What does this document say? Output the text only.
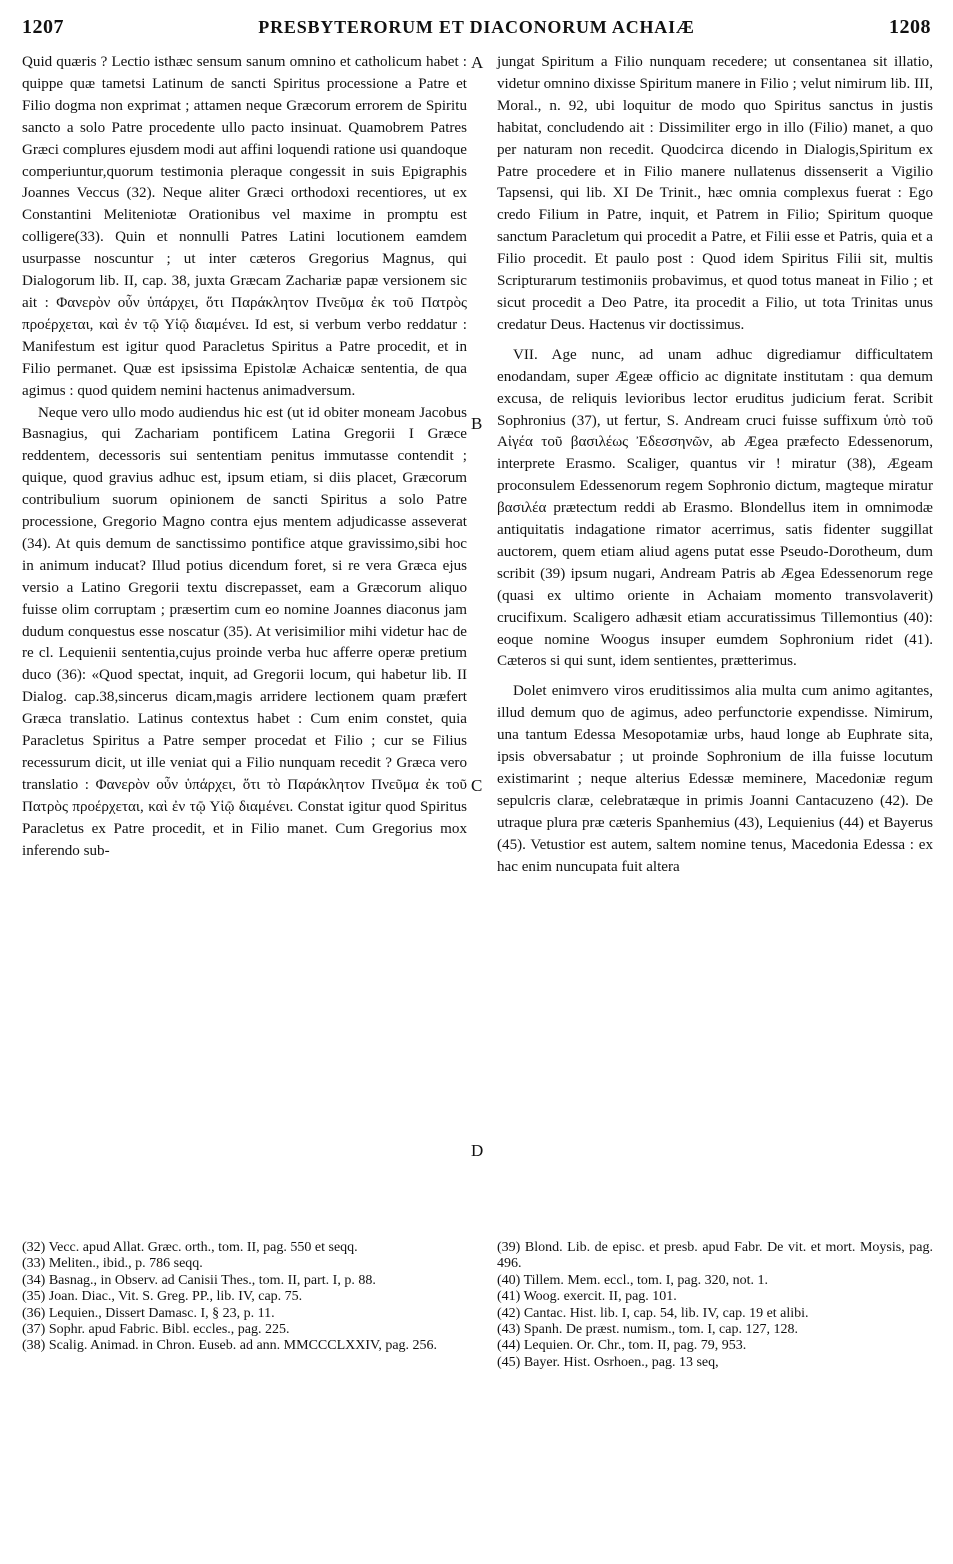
1207	PRESBYTERORUM ET DIACONORUM ACHAIÆ	1208
A
B
C
D

Quid quæris ? Lectio isthæc sensum sanum omnino et catholicum habet : quippe quæ tametsi Latinum de sancti Spiritus processione a Patre et Filio dogma non exprimat ; attamen neque Græcorum errorem de Spiritu sancto a solo Patre procedente ullo pacto insinuat. Quamobrem Patres Græci complures ejusdem modi aut affini loquendi ratione usi quandoque comperiuntur,quorum testimonia pleraque congessit in suis Epigraphis Joannes Veccus (32). Neque aliter Græci orthodoxi recentiores, ut ex Constantini Meliteniotæ Orationibus vel maxime in promptu est colligere(33). Quin et nonnulli Patres Latini locutionem eamdem usurpasse noscuntur ; ut inter cæteros Gregorius Magnus, qui Dialogorum lib. II, cap. 38, juxta Græcam Zachariæ papæ versionem sic ait : Φανερὸν οὖν ὑπάρχει, ὅτι Παράκλητον Πνεῦμα ἐκ τοῦ Πατρὸς προέρχεται, καὶ ἐν τῷ Υἱῷ διαμένει. Id est, si verbum verbo reddatur : Manifestum est igitur quod Paracletus Spiritus a Patre procedit, et in Filio permanet. Quæ est ipsissima Epistolæ Achaicæ sententia, de qua agimus : quod quidem nemini hactenus animadversum.

Neque vero ullo modo audiendus hic est (ut id obiter moneam Jacobus Basnagius, qui Zachariam pontificem Latina Gregorii I Græce reddentem, decessoris sui sententiam penitus immutasse contendit ; quique, quod gravius adhuc est, ipsum etiam, si diis placet, Græcorum contribulium suorum opinionem de sancti Spiritus a solo Patre processione, Gregorio Magno contra ejus mentem adjudicasse asseverat (34). At quis demum de sanctissimo pontifice atque gravissimo,sibi hoc in animum inducat? Illud potius dicendum foret, si re vera Græca ejus versio a Latino Gregorii textu discrepasset, eam a Græcorum aliquo fuisse olim corruptam ; præsertim cum eo nomine Joannes diaconus jam dudum conquestus esse noscatur (35). At verisimilior mihi videtur hac de re cl. Lequienii sententia,cujus proinde verba huc afferre operæ pretium duco (36): «Quod spectat, inquit, ad Gregorii locum, qui habetur lib. II Dialog. cap.38,sincerus dicam,magis arridere lectionem quam præfert Græca translatio. Latinus contextus habet : Cum enim constet, quia Paracletus Spiritus a Patre semper procedat et Filio ; cur se Filius recessurum dicit, ut ille veniat qui a Filio nunquam recedit ? Græca vero translatio : Φανερὸν οὖν ὑπάρχει, ὅτι τὸ Παράκλητον Πνεῦμα ἐκ τοῦ Πατρὸς προέρχεται, καὶ ἐν τῷ Υἱῷ διαμένει. Constat igitur quod Spiritus Paracletus ex Patre procedit, et in Filio manet. Cum Gregorius mox inferendo sub-

jungat Spiritum a Filio nunquam recedere; ut consentanea sit illatio, videtur omnino dixisse Spiritum manere in Filio ; velut nimirum lib. III, Moral., n. 92, ubi loquitur de modo quo Spiritus sanctus in justis habitat, concludendo ait : Dissimiliter ergo in illo (Filio) manet, a quo per naturam non recedit. Quodcirca dicendo in Dialogis,Spiritum ex Patre procedere et in Filio manere nullatenus dissenserit a Vigilio Tapsensi, qui lib. XI De Trinit., hæc omnia complexus fuerat : Ego credo Filium in Patre, inquit, et Patrem in Filio; Spiritum quoque sanctum Paracletum qui procedit a Patre, et Filii esse et Patris, quia et a Filio procedit. Et paulo post : Quod idem Spiritus Filii sit, multis Scripturarum testimoniis probavimus, et quod totus maneat in Filio ; et sicut procedit a Deo Patre, ita procedit a Filio, ut tota Trinitas unus credatur Deus. Hactenus vir doctissimus.

VII. Age nunc, ad unam adhuc digrediamur difficultatem enodandam, super Ægeæ officio ac dignitate institutam : qua demum excusa, de reliquis levioribus lector eruditus judicium ferat. Scribit Sophronius (37), ut fertur, S. Andream cruci fuisse suffixum ὑπὸ τοῦ Αἰγέα τοῦ βασιλέως Ἐδεσσηνῶν, ab Ægea præfecto Edessenorum, interprete Erasmo. Scaliger, quantus vir ! miratur (38), Ægeam proconsulem Edessenorum regem Sophronio dictum, magteque miratur βασιλέα prætectum reddi ab Erasmo. Blondellus item in omnimodæ antiquitatis indagatione rimator acerrimus, satis fidenter suggillat auctorem, quem etiam aliud agens putat esse Pseudo-Dorotheum, dum scribit (39) ipsum nugari, Andream Patris ab Ægea Edessenorum rege (quasi ex ultimo oriente in Achaiam momento transvolaverit) crucifixum. Scaligero adhæsit etiam accuratissimus Tillemontius (40): eoque nomine Woogus insuper eumdem Sophronium ridet (41). Cæteros si qui sunt, idem sentientes, prætterimus.

Dolet enimvero viros eruditissimos alia multa cum animo agitantes, illud demum quo de agimus, adeo perfunctorie expendisse. Nimirum, una tantum Edessa Mesopotamiæ urbs, haud longe ab Euphrate sita, ipsis obversabatur ; ut proinde Sophronium de illa fuisse locutum existimarint ; neque alterius Edessæ meminere, Macedoniæ regum sepulcris claræ, celebratæque in primis Joanni Cantacuzeno (42). De utraque plura præ cæteris Spanhemius (43), Lequienius (44) et Bayerus (45). Vetustior est autem, saltem nomine tenus, Macedonia Edessa : ex hac enim nuncupata fuit altera

(32) Vecc. apud Allat. Græc. orth., tom. II, pag. 550 et seqq.
(33) Meliten., ibid., p. 786 seqq.
(34) Basnag., in Observ. ad Canisii Thes., tom. II, part. I, p. 88.
(35) Joan. Diac., Vit. S. Greg. PP., lib. IV, cap. 75.
(36) Lequien., Dissert Damasc. I, § 23, p. 11.
(37) Sophr. apud Fabric. Bibl. eccles., pag. 225.
(38) Scalig. Animad. in Chron. Euseb. ad ann. MMCCCLXXIV, pag. 256.
(39) Blond. Lib. de episc. et presb. apud Fabr. De vit. et mort. Moysis, pag. 496.
(40) Tillem. Mem. eccl., tom. I, pag. 320, not. 1.
(41) Woog. exercit. II, pag. 101.
(42) Cantac. Hist. lib. I, cap. 54, lib. IV, cap. 19 et alibi.
(43) Spanh. De præst. numism., tom. I, cap. 127, 128.
(44) Lequien. Or. Chr., tom. II, pag. 79, 953.
(45) Bayer. Hist. Osrhoen., pag. 13 seq,
